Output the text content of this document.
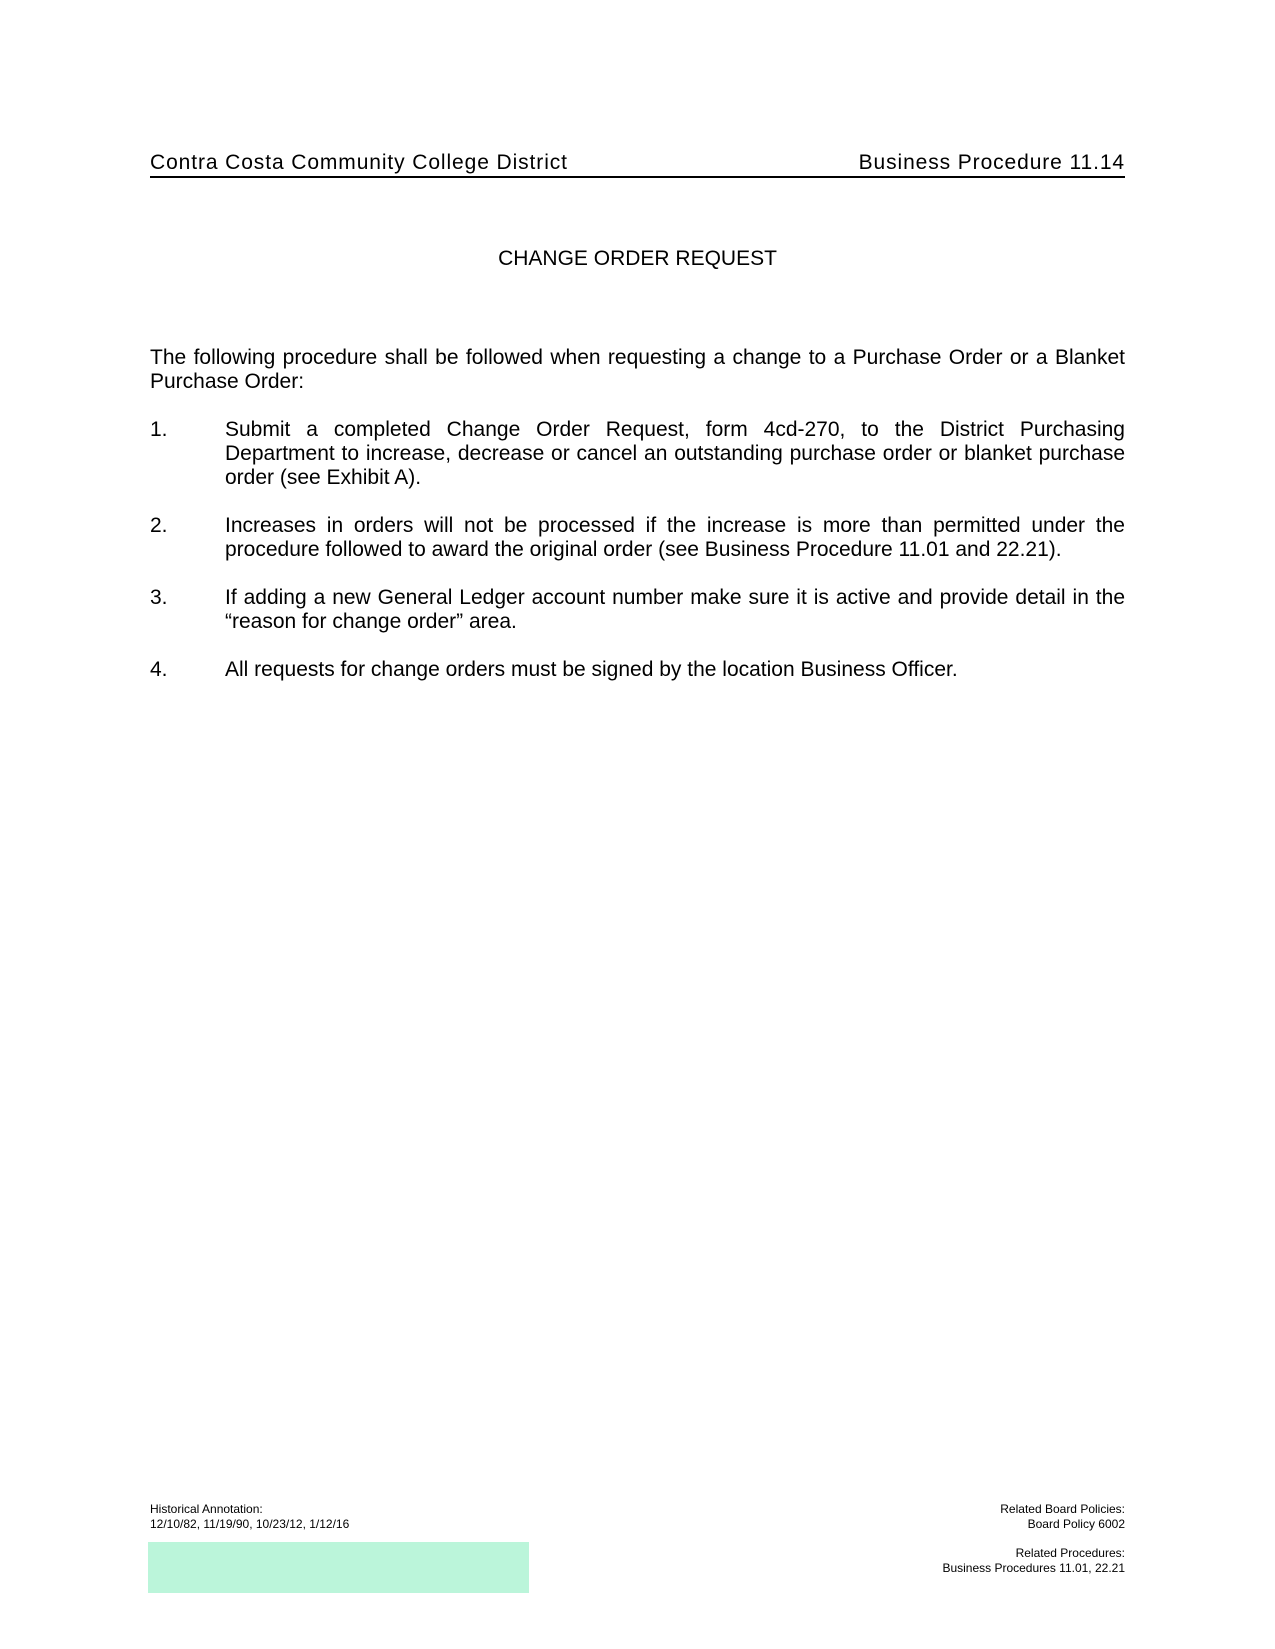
Contra Costa Community College District	Business Procedure 11.14
CHANGE ORDER REQUEST
The following procedure shall be followed when requesting a change to a Purchase Order or a Blanket Purchase Order:
1.	Submit a completed Change Order Request, form 4cd-270, to the District Purchasing Department to increase, decrease or cancel an outstanding purchase order or blanket purchase order (see Exhibit A).
2.	Increases in orders will not be processed if the increase is more than permitted under the procedure followed to award the original order (see Business Procedure 11.01 and 22.21).
3.	If adding a new General Ledger account number make sure it is active and provide detail in the “reason for change order” area.
4.	All requests for change orders must be signed by the location Business Officer.
Historical Annotation:
12/10/82, 11/19/90, 10/23/12, 1/12/16
Related Board Policies:
Board Policy 6002
Related Procedures:
Business Procedures 11.01, 22.21
